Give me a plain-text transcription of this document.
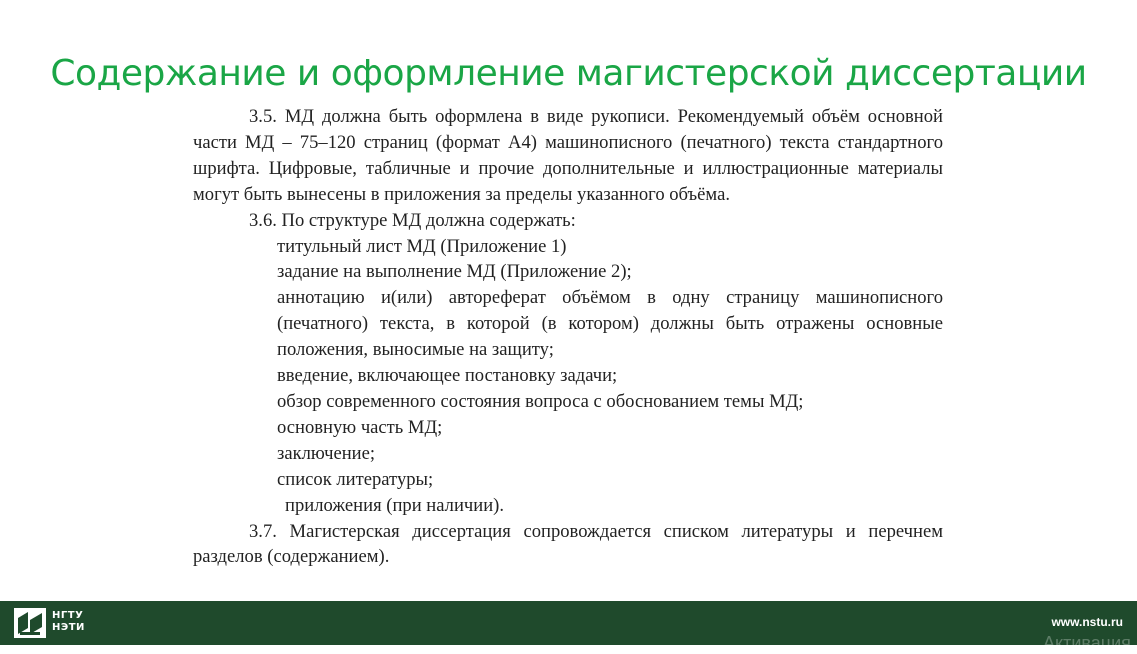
Содержание и оформление магистерской диссертации

3.5. МД должна быть оформлена в виде рукописи. Рекомендуемый объём основной части МД – 75–120 страниц (формат А4) машинописного (печатного) текста стандартного шрифта. Цифровые, табличные и прочие дополнительные и иллюстрационные материалы могут быть вынесены в приложения за пределы указанного объёма.

3.6. По структуре МД должна содержать:

титульный лист МД (Приложение 1)
задание на выполнение МД (Приложение 2);
аннотацию и(или) автореферат объёмом в одну страницу машинописного (печатного) текста, в которой (в котором) должны быть отражены основные положения, выносимые на защиту;
введение, включающее постановку задачи;
обзор современного состояния вопроса с обоснованием темы МД;
основную часть МД;
заключение;
список литературы;
приложения (при наличии).

3.7. Магистерская диссертация сопровождается списком литературы и перечнем разделов (содержанием).

НГТУ
НЭТИ	www.nstu.ru
Активация
